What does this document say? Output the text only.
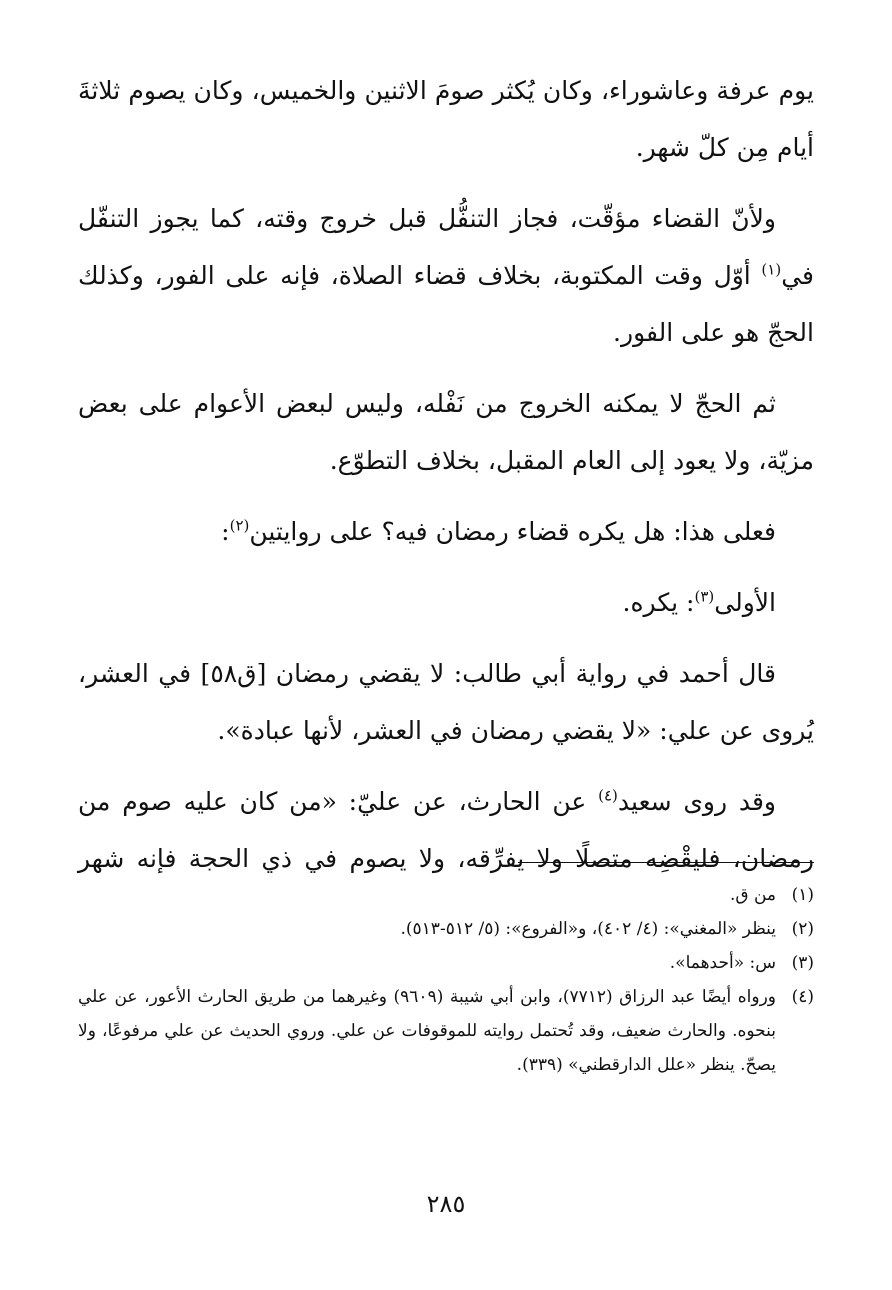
يوم عرفة وعاشوراء، وكان يُكثر صومَ الاثنين والخميس، وكان يصوم ثلاثةَ أيام مِن كلّ شهر.

ولأنّ القضاء مؤقّت، فجاز التنفُّل قبل خروج وقته، كما يجوز التنفّل في$^{(١)}$ أوّل وقت المكتوبة، بخلاف قضاء الصلاة، فإنه على الفور، وكذلك الحجّ هو على الفور.

ثم الحجّ لا يمكنه الخروج من نَفْله، وليس لبعض الأعوام على بعض مزيّة، ولا يعود إلى العام المقبل، بخلاف التطوّع.

فعلى هذا: هل يكره قضاء رمضان فيه؟ على روايتين$^{(٢)}$:

الأولى$^{(٣)}$: يكره.

قال أحمد في رواية أبي طالب: لا يقضي رمضان [ق٥٨] في العشر، يُروى عن علي: «لا يقضي رمضان في العشر، لأنها عبادة».

وقد روى سعيد$^{(٤)}$ عن الحارث، عن عليّ: «من كان عليه صوم من رمضان، فليقْضِه متصلًا ولا يفرِّقه، ولا يصوم في ذي الحجة فإنه شهر

(١)
من ق.
(٢)
ينظر «المغني»: (٤/ ٤٠٢)، و«الفروع»: (٥/ ٥١٢-٥١٣).
(٣)
س: «أحدهما».
(٤)
ورواه أيضًا عبد الرزاق (٧٧١٢)، وابن أبي شيبة (٩٦٠٩) وغيرهما من طريق الحارث الأعور، عن علي بنحوه. والحارث ضعيف، وقد تُحتمل روايته للموقوفات عن علي. وروي الحديث عن علي مرفوعًا، ولا يصحّ. ينظر «علل الدارقطني» (٣٣٩).
٢٨٥
